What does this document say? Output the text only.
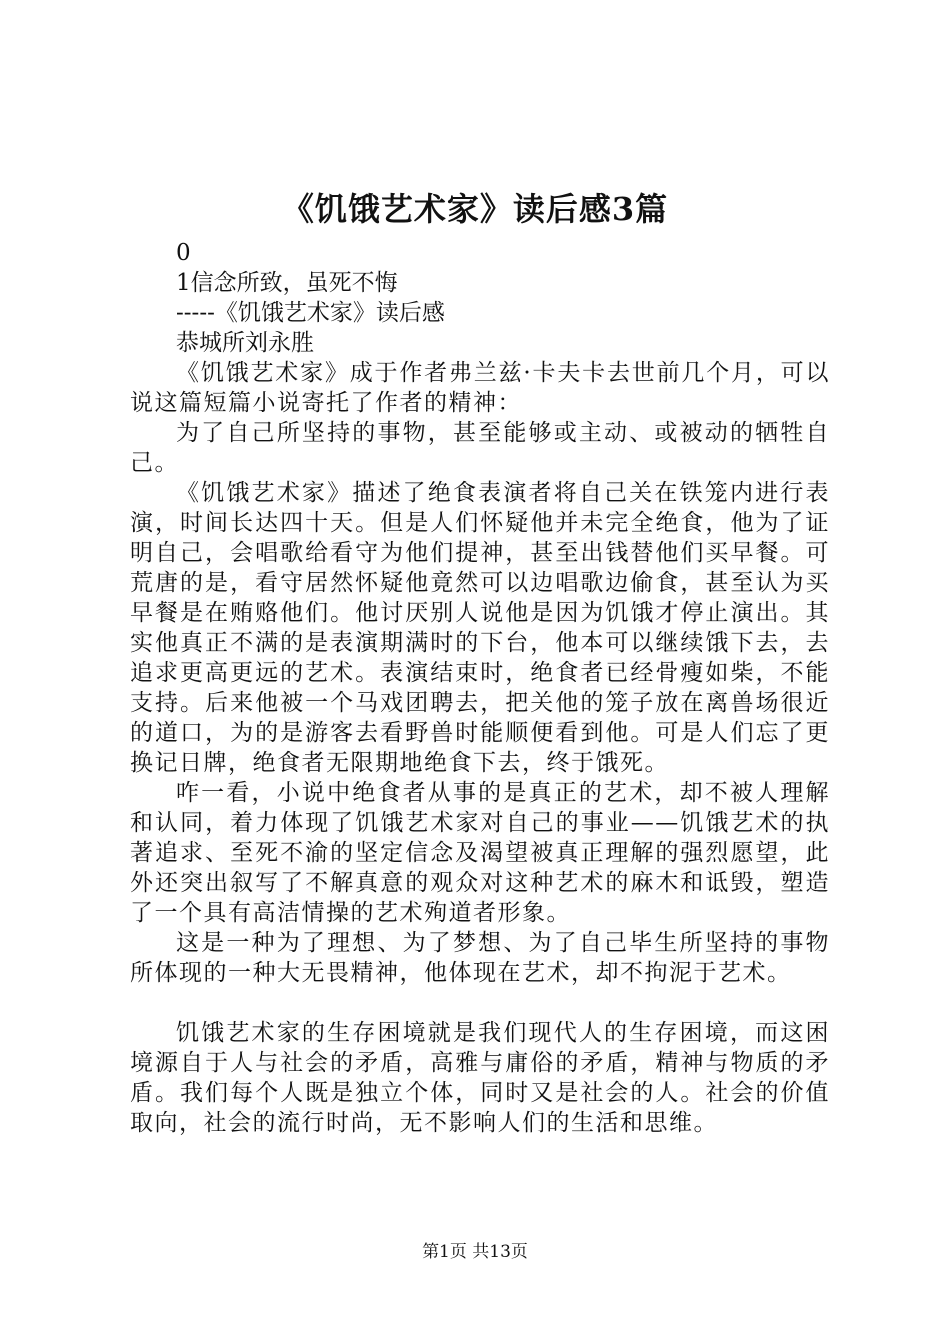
《饥饿艺术家》读后感3篇
0
1信念所致，虽死不悔
-----《饥饿艺术家》读后感
恭城所刘永胜
《饥饿艺术家》成于作者弗兰兹·卡夫卡去世前几个月，可以说这篇短篇小说寄托了作者的精神：
为了自己所坚持的事物，甚至能够或主动、或被动的牺牲自己。
《饥饿艺术家》描述了绝食表演者将自己关在铁笼内进行表演，时间长达四十天。但是人们怀疑他并未完全绝食，他为了证明自己，会唱歌给看守为他们提神，甚至出钱替他们买早餐。可荒唐的是，看守居然怀疑他竟然可以边唱歌边偷食，甚至认为买早餐是在贿赂他们。他讨厌别人说他是因为饥饿才停止演出。其实他真正不满的是表演期满时的下台，他本可以继续饿下去，去追求更高更远的艺术。表演结束时，绝食者已经骨瘦如柴，不能支持。后来他被一个马戏团聘去，把关他的笼子放在离兽场很近的道口，为的是游客去看野兽时能顺便看到他。可是人们忘了更换记日牌，绝食者无限期地绝食下去，终于饿死。
咋一看，小说中绝食者从事的是真正的艺术，却不被人理解和认同，着力体现了饥饿艺术家对自己的事业——饥饿艺术的执著追求、至死不渝的坚定信念及渴望被真正理解的强烈愿望，此外还突出叙写了不解真意的观众对这种艺术的麻木和诋毁，塑造了一个具有高洁情操的艺术殉道者形象。
这是一种为了理想、为了梦想、为了自己毕生所坚持的事物所体现的一种大无畏精神，他体现在艺术，却不拘泥于艺术。
饥饿艺术家的生存困境就是我们现代人的生存困境，而这困境源自于人与社会的矛盾，高雅与庸俗的矛盾，精神与物质的矛盾。我们每个人既是独立个体，同时又是社会的人。社会的价值取向，社会的流行时尚，无不影响人们的生活和思维。
第1页 共13页
